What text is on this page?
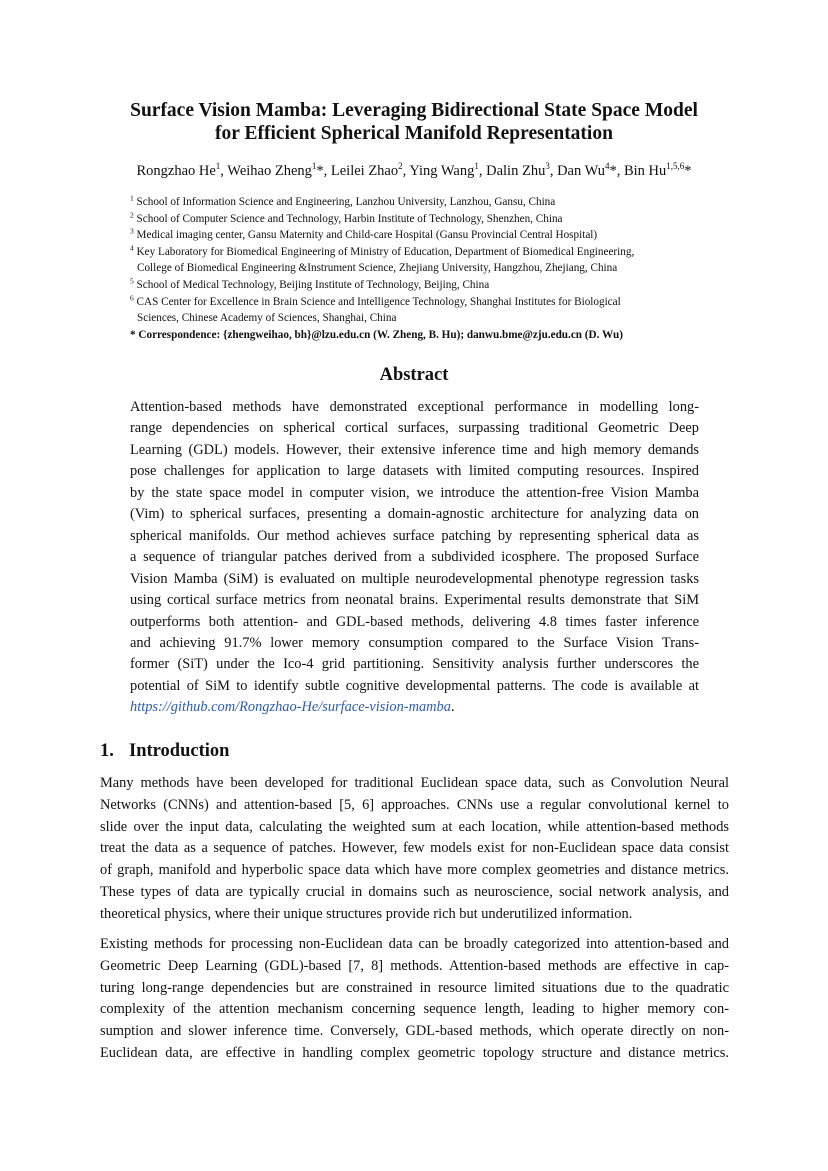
Surface Vision Mamba: Leveraging Bidirectional State Space Model
for Efficient Spherical Manifold Representation
Rongzhao He$^1$, Weihao Zheng$^1$*, Leilei Zhao$^2$, Ying Wang$^1$, Dalin Zhu$^3$, Dan Wu$^4$*, Bin Hu$^{1,5,6}$*

$^1$ School of Information Science and Engineering, Lanzhou University, Lanzhou, Gansu, China

$^2$ School of Computer Science and Technology, Harbin Institute of Technology, Shenzhen, China

$^3$ Medical imaging center, Gansu Maternity and Child-care Hospital (Gansu Provincial Central Hospital)

$^4$ Key Laboratory for Biomedical Engineering of Ministry of Education, Department of Biomedical Engineering,
College of Biomedical Engineering &Instrument Science, Zhejiang University, Hangzhou, Zhejiang, China

$^5$ School of Medical Technology, Beijing Institute of Technology, Beijing, China

$^6$ CAS Center for Excellence in Brain Science and Intelligence Technology, Shanghai Institutes for Biological
Sciences, Chinese Academy of Sciences, Shanghai, China

* Correspondence: {zhengweihao, bh}@lzu.edu.cn (W. Zheng, B. Hu); danwu.bme@zju.edu.cn (D. Wu)

Abstract
Attention-based methods have demonstrated exceptional performance in modelling long-
range dependencies on spherical cortical surfaces, surpassing traditional Geometric Deep
Learning (GDL) models. However, their extensive inference time and high memory demands
pose challenges for application to large datasets with limited computing resources. Inspired
by the state space model in computer vision, we introduce the attention-free Vision Mamba
(Vim) to spherical surfaces, presenting a domain-agnostic architecture for analyzing data on
spherical manifolds. Our method achieves surface patching by representing spherical data as
a sequence of triangular patches derived from a subdivided icosphere. The proposed Surface
Vision Mamba (SiM) is evaluated on multiple neurodevelopmental phenotype regression tasks
using cortical surface metrics from neonatal brains. Experimental results demonstrate that SiM
outperforms both attention- and GDL-based methods, delivering 4.8 times faster inference
and achieving 91.7% lower memory consumption compared to the Surface Vision Trans-
former (SiT) under the Ico-4 grid partitioning. Sensitivity analysis further underscores the
potential of SiM to identify subtle cognitive developmental patterns. The code is available at
https://github.com/Rongzhao-He/surface-vision-mamba.
1. Introduction
Many methods have been developed for traditional Euclidean space data, such as Convolution Neural
Networks (CNNs) and attention-based [5, 6] approaches. CNNs use a regular convolutional kernel to
slide over the input data, calculating the weighted sum at each location, while attention-based methods
treat the data as a sequence of patches. However, few models exist for non-Euclidean space data consist
of graph, manifold and hyperbolic space data which have more complex geometries and distance metrics.
These types of data are typically crucial in domains such as neuroscience, social network analysis, and
theoretical physics, where their unique structures provide rich but underutilized information.
Existing methods for processing non-Euclidean data can be broadly categorized into attention-based and
Geometric Deep Learning (GDL)-based [7, 8] methods. Attention-based methods are effective in cap-
turing long-range dependencies but are constrained in resource limited situations due to the quadratic
complexity of the attention mechanism concerning sequence length, leading to higher memory con-
sumption and slower inference time. Conversely, GDL-based methods, which operate directly on non-
Euclidean data, are effective in handling complex geometric topology structure and distance metrics.
